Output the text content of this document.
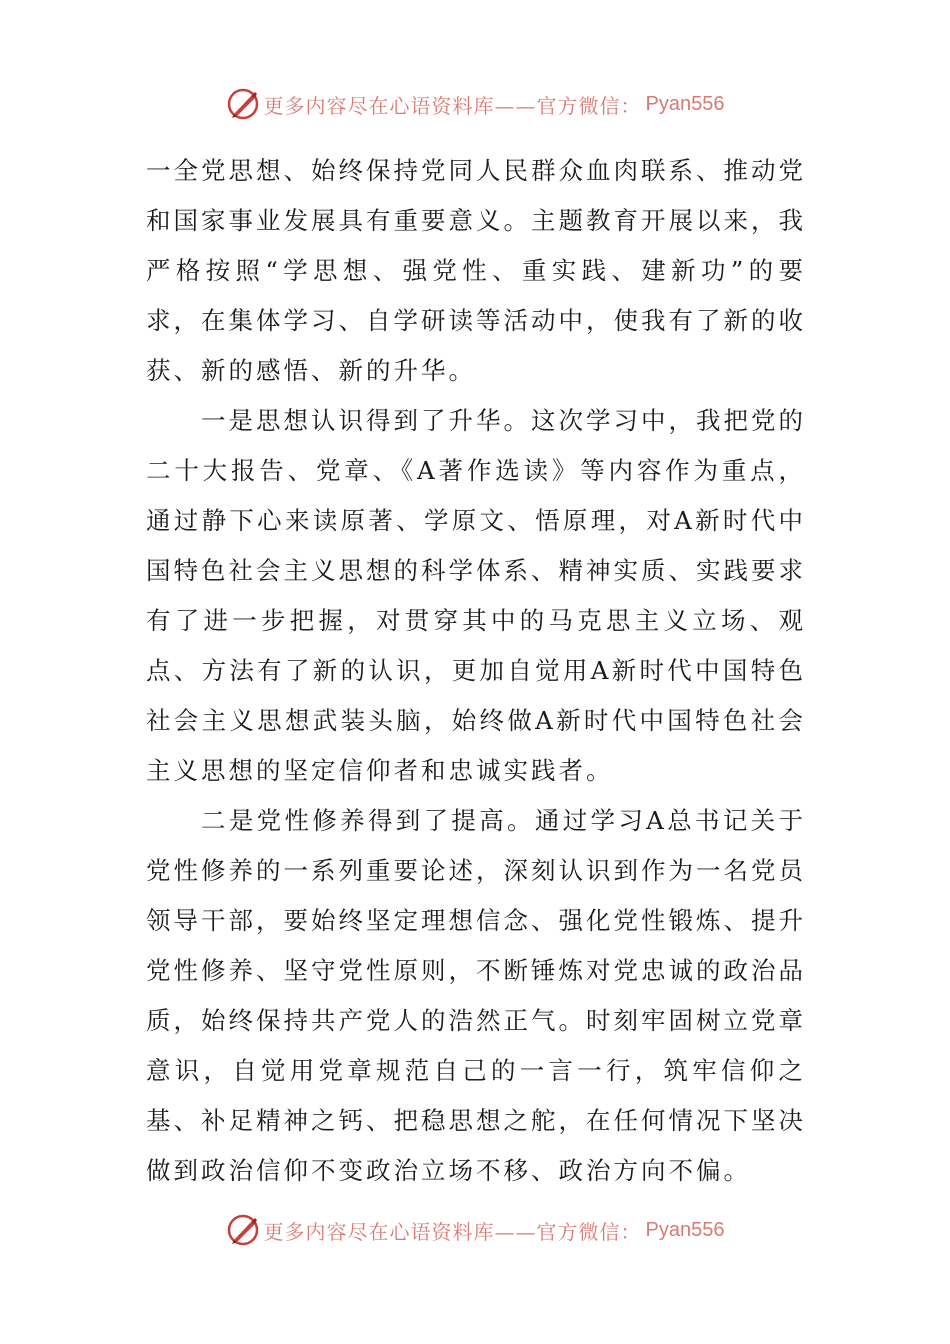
更多内容尽在心语资料库——官方微信： Pyan556

一全党思想、始终保持党同人民群众血肉联系、推动党和国家事业发展具有重要意义。主题教育开展以来，我严格按照“学思想、强党性、重实践、建新功”的要求，在集体学习、自学研读等活动中，使我有了新的收获、新的感悟、新的升华。

一是思想认识得到了升华。这次学习中，我把党的二十大报告、党章、《A著作选读》等内容作为重点，通过静下心来读原著、学原文、悟原理，对A新时代中国特色社会主义思想的科学体系、精神实质、实践要求有了进一步把握，对贯穿其中的马克思主义立场、观点、方法有了新的认识，更加自觉用A新时代中国特色社会主义思想武装头脑，始终做A新时代中国特色社会主义思想的坚定信仰者和忠诚实践者。

二是党性修养得到了提高。通过学习A总书记关于党性修养的一系列重要论述，深刻认识到作为一名党员领导干部，要始终坚定理想信念、强化党性锻炼、提升党性修养、坚守党性原则，不断锤炼对党忠诚的政治品质，始终保持共产党人的浩然正气。时刻牢固树立党章意识，自觉用党章规范自己的一言一行，筑牢信仰之基、补足精神之钙、把稳思想之舵，在任何情况下坚决做到政治信仰不变政治立场不移、政治方向不偏。

更多内容尽在心语资料库——官方微信： Pyan556
